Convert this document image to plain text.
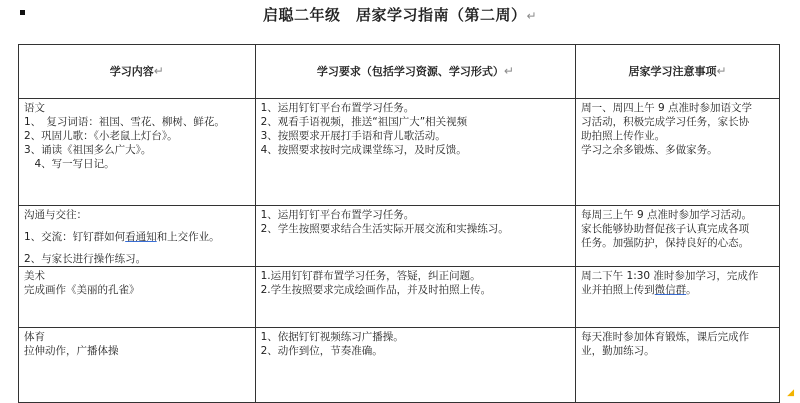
启聪二年级　居家学习指南（第二周）↵
学习内容↵	学习要求（包括学习资源、学习形式）↵	居家学习注意事项↵

语文
1、　复习词语：祖国、雪花、柳树、鲜花。
2、巩固儿歌：《小老鼠上灯台》。
3、诵读《祖国多么广大》。
　4、写一写日记。	1、运用钉钉平台布置学习任务。
2、观看手语视频，推送“祖国广大”相关视频
3、按照要求开展打手语和背儿歌活动。
4、按照要求按时完成课堂练习，及时反馈。	周一、周四上午 9 点准时参加语文学
习活动，积极完成学习任务，家长协
助拍照上传作业。
学习之余多锻炼、多做家务。

沟通与交往：
1、交流：钉钉群如何看通知和上交作业。
2、与家长进行操作练习。	1、运用钉钉平台布置学习任务。
2、学生按照要求结合生活实际开展交流和实操练习。	每周三上午 9 点准时参加学习活动。
家长能够协助督促孩子认真完成各项
任务。加强防护，保持良好的心态。

美术
完成画作《美丽的孔雀》	1.运用钉钉群布置学习任务，答疑，纠正问题。
2.学生按照要求完成绘画作品，并及时拍照上传。	周二下午 1:30 准时参加学习，完成作
业并拍照上传到微信群。

体育
拉伸动作，广播体操	1、依据钉钉视频练习广播操。
2、动作到位，节奏准确。	每天准时参加体育锻炼，课后完成作
业，勤加练习。
◢
